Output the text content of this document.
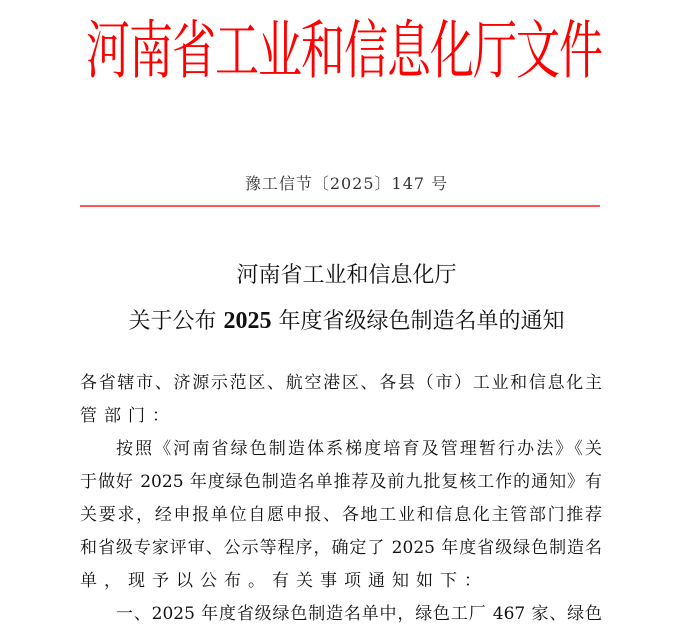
河南省工业和信息化厅文件
豫工信节〔2025〕147 号
河南省工业和信息化厅
关于公布 2025 年度省级绿色制造名单的通知
各省辖市、济源示范区、航空港区、各县（市）工业和信息化主
管部门：
按照《河南省绿色制造体系梯度培育及管理暂行办法》《关
于做好 2025 年度绿色制造名单推荐及前九批复核工作的通知》有
关要求，经申报单位自愿申报、各地工业和信息化主管部门推荐
和省级专家评审、公示等程序，确定了 2025 年度省级绿色制造名
单，现予以公布。有关事项通知如下：
一、2025 年度省级绿色制造名单中，绿色工厂 467 家、绿色
